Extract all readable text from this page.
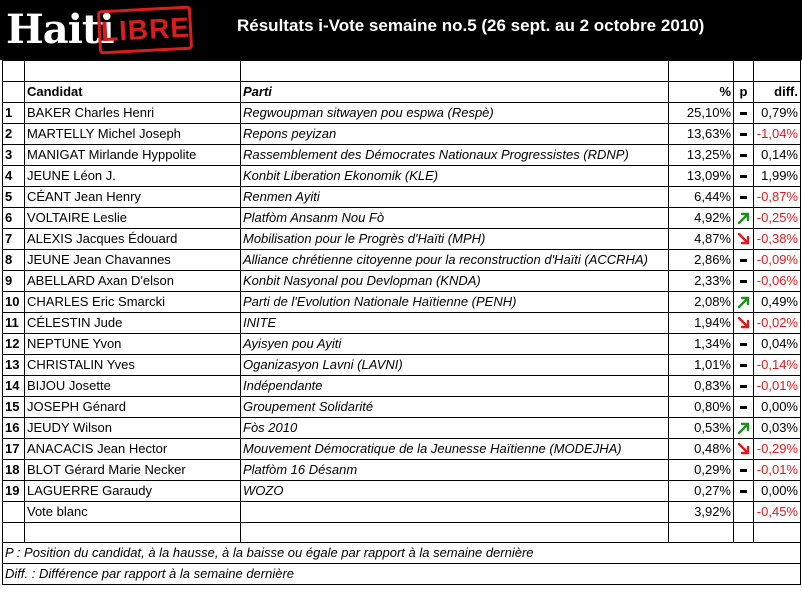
Haiti
LIBRE	Résultats i-Vote semaine no.5 (26 sept. au 2 octobre 2010)

	Candidat	Parti	%	p	diff.
1	BAKER Charles Henri	Regwoupman sitwayen pou espwa (Respè)	25,10%		0,79%
2	MARTELLY Michel Joseph	Repons peyizan	13,63%		-1,04%
3	MANIGAT Mirlande Hyppolite	Rassemblement des Démocrates Nationaux Progressistes (RDNP)	13,25%		0,14%
4	JEUNE Léon J.	Konbit Liberation Ekonomik (KLE)	13,09%		1,99%
5	CÉANT Jean Henry	Renmen Ayiti	6,44%		-0,87%
6	VOLTAIRE Leslie	Platfòm Ansanm Nou Fò	4,92%		-0,25%
7	ALEXIS Jacques Édouard	Mobilisation pour le Progrès d'Haïti (MPH)	4,87%		-0,38%
8	JEUNE Jean Chavannes	Alliance chrétienne citoyenne pour la reconstruction d'Haïti (ACCRHA)	2,86%		-0,09%
9	ABELLARD Axan D'elson	Konbit Nasyonal pou Devlopman (KNDA)	2,33%		-0,06%
10	CHARLES Eric Smarcki	Parti de l'Evolution Nationale Haïtienne (PENH)	2,08%		0,49%
11	CÉLESTIN Jude	INITE	1,94%		-0,02%
12	NEPTUNE Yvon	Ayisyen pou Ayiti	1,34%		0,04%
13	CHRISTALIN Yves	Oganizasyon Lavni (LAVNI)	1,01%		-0,14%
14	BIJOU Josette	Indépendante	0,83%		-0,01%
15	JOSEPH Génard	Groupement Solidarité	0,80%		0,00%
16	JEUDY Wilson	Fòs 2010	0,53%		0,03%
17	ANACACIS Jean Hector	Mouvement Démocratique de la Jeunesse Haïtienne (MODEJHA)	0,48%		-0,29%
18	BLOT Gérard Marie Necker	Platfòm 16 Désanm	0,29%		-0,01%
19	LAGUERRE Garaudy	WOZO	0,27%		0,00%
	Vote blanc		3,92%		-0,45%

P : Position du candidat, à la hausse, à la baisse ou égale par rapport à la semaine dernière					
Diff. : Différence par rapport à la semaine dernière					
